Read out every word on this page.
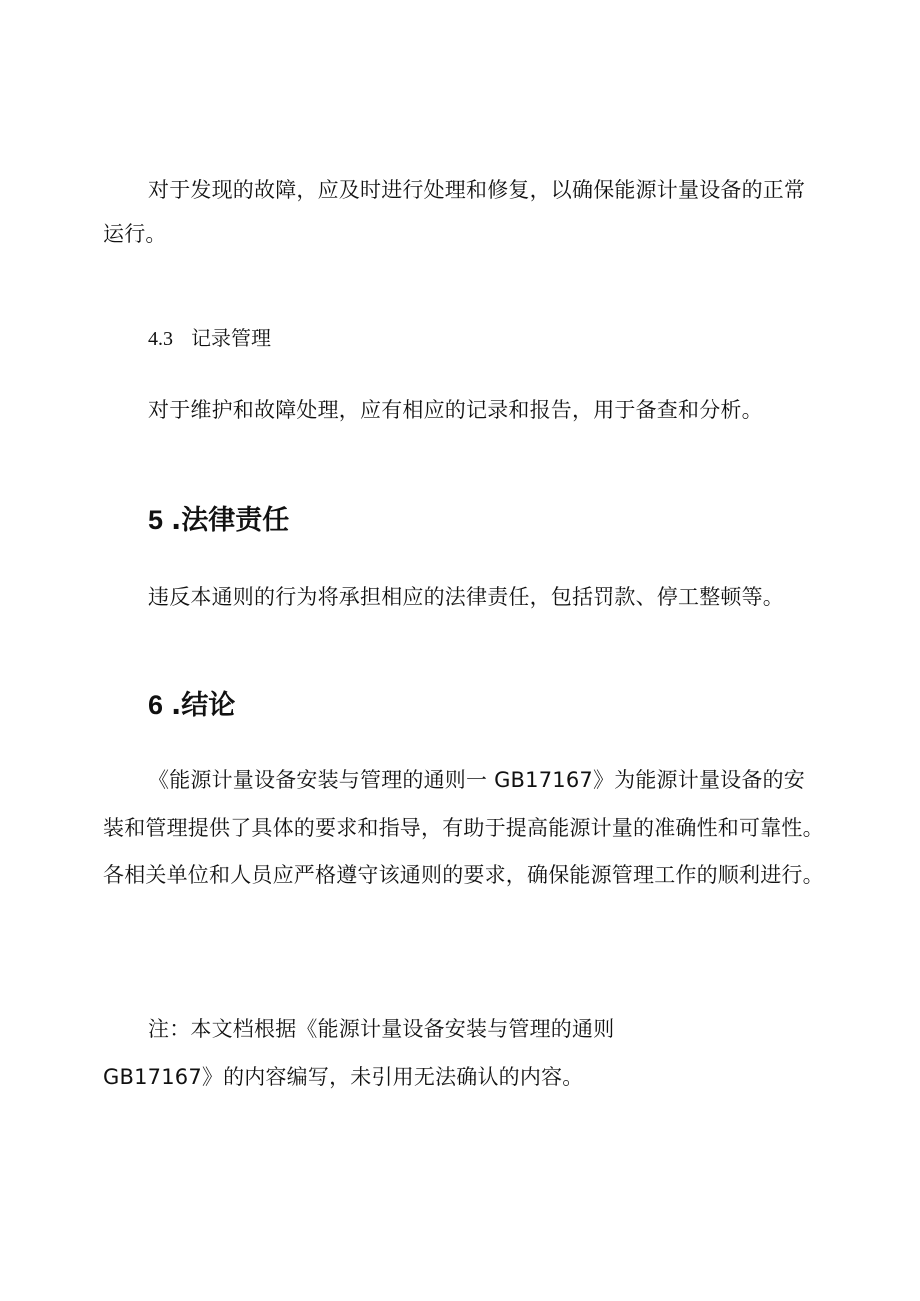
对于发现的故障，应及时进行处理和修复，以确保能源计量设备的正常
运行。
4.3 记录管理
对于维护和故障处理，应有相应的记录和报告，用于备查和分析。
5 .法律责任
违反本通则的行为将承担相应的法律责任，包括罚款、停工整顿等。
6 .结论
《能源计量设备安装与管理的通则一 GB17167》为能源计量设备的安
装和管理提供了具体的要求和指导，有助于提高能源计量的准确性和可靠性。
各相关单位和人员应严格遵守该通则的要求，确保能源管理工作的顺利进行。
注：本文档根据《能源计量设备安装与管理的通则
GB17167》的内容编写，未引用无法确认的内容。
